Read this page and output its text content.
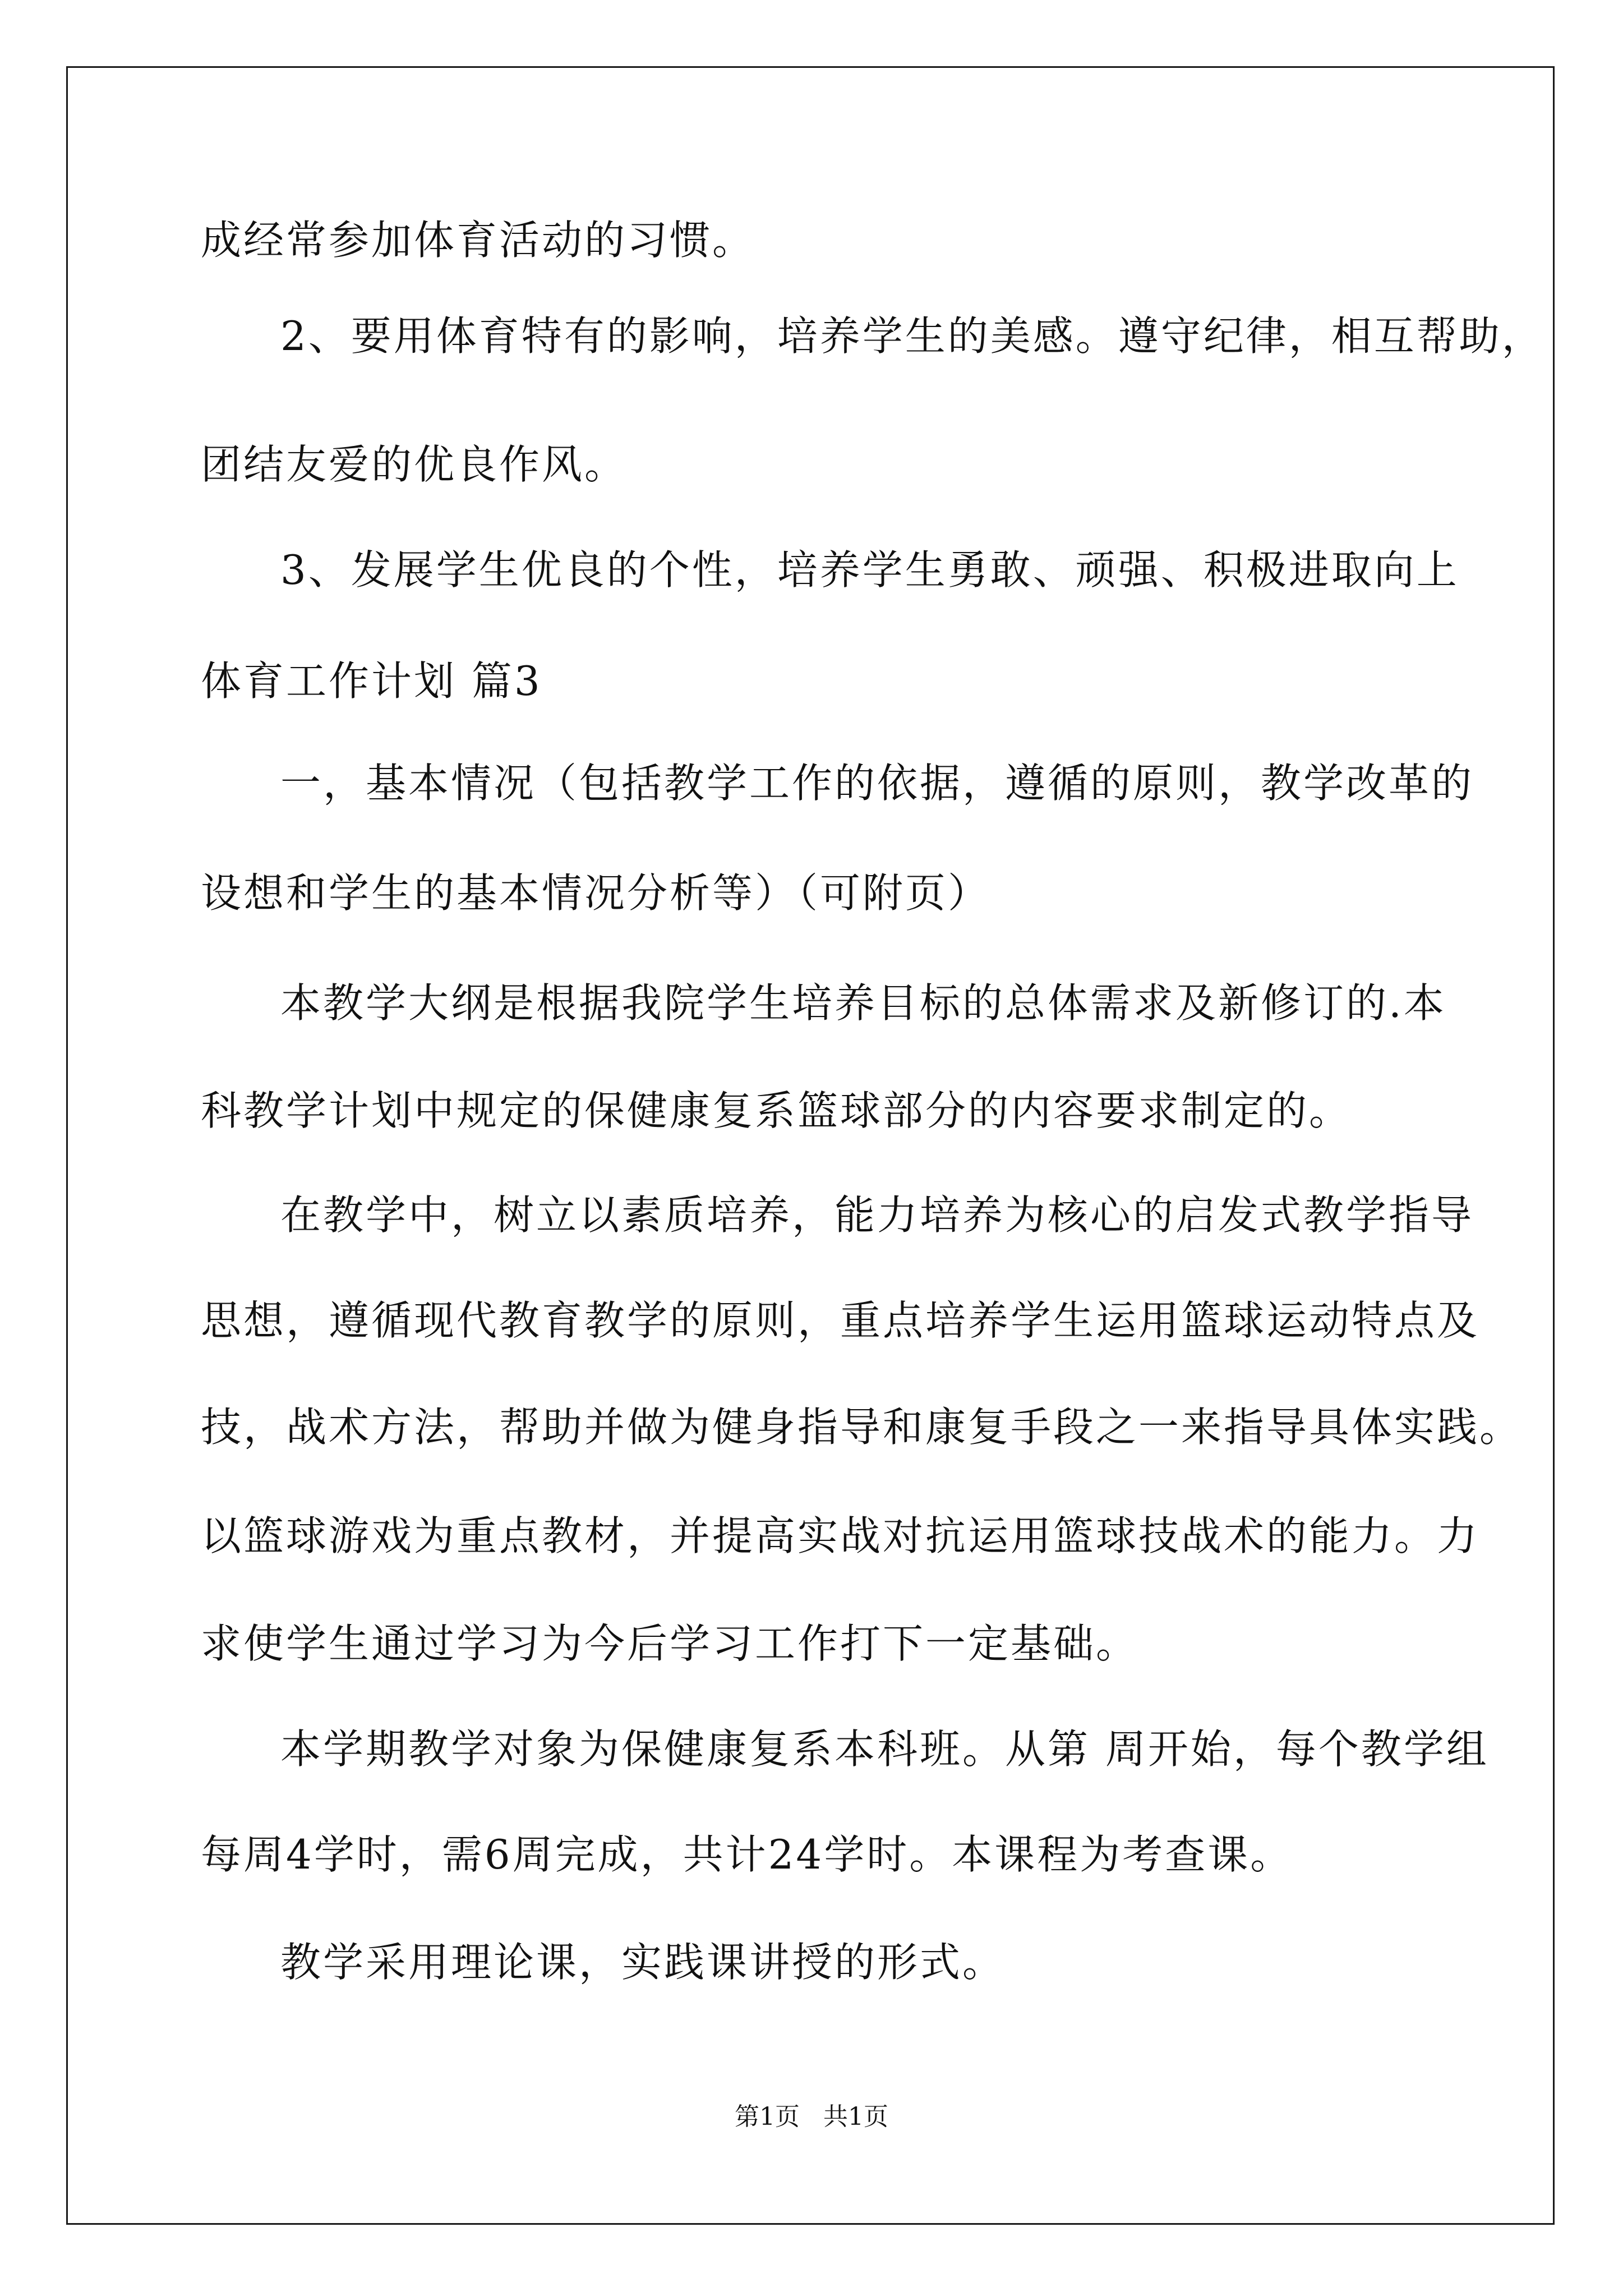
成经常参加体育活动的习惯。
2、要用体育特有的影响，培养学生的美感。遵守纪律，相互帮助，
团结友爱的优良作风。
3、发展学生优良的个性，培养学生勇敢、顽强、积极进取向上
体育工作计划 篇3
一，基本情况（包括教学工作的依据，遵循的原则，教学改革的
设想和学生的基本情况分析等）（可附页）
本教学大纲是根据我院学生培养目标的总体需求及新修订的.本
科教学计划中规定的保健康复系篮球部分的内容要求制定的。
在教学中，树立以素质培养，能力培养为核心的启发式教学指导
思想，遵循现代教育教学的原则，重点培养学生运用篮球运动特点及
技，战术方法，帮助并做为健身指导和康复手段之一来指导具体实践。
以篮球游戏为重点教材，并提高实战对抗运用篮球技战术的能力。力
求使学生通过学习为今后学习工作打下一定基础。
本学期教学对象为保健康复系本科班。从第 周开始，每个教学组
每周4学时，需6周完成，共计24学时。本课程为考查课。
教学采用理论课，实践课讲授的形式。
第1页   共1页
